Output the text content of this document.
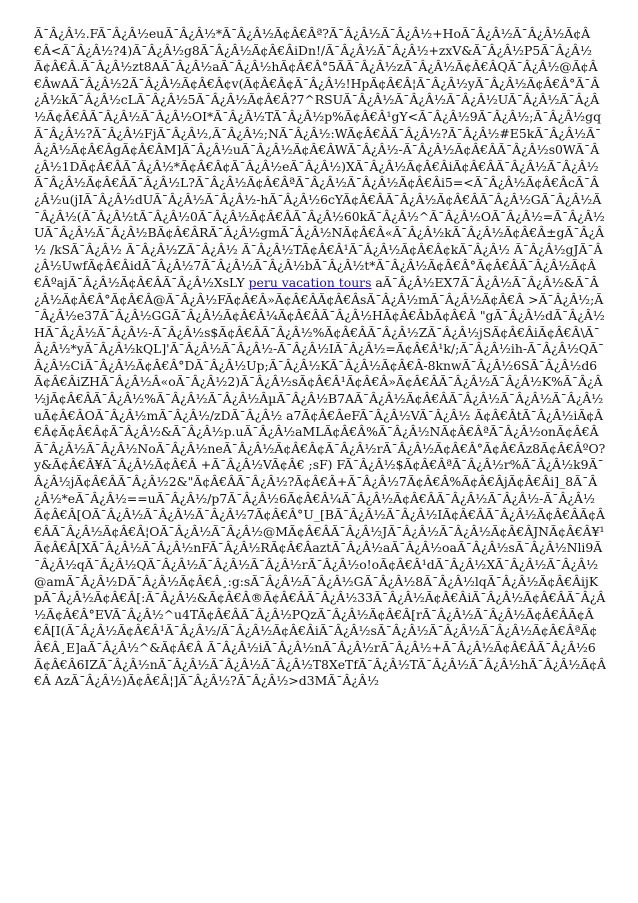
Ã¯Â¿Â½.FÃ¯Â¿Â½euÃ¯Â¿Â½*Ã¯Â¿Â½Ã¢Â€Âª?Ã¯Â¿Â½Ã¯Â¿Â½+HoÃ¯Â¿Â½Ã¯Â¿Â½Ã¢Â€Â<Ã¯Â¿Â½?4)Ã¯Â¿Â½g8Ã¯Â¿Â½Ã¢Â€ÂiDn!/Ã¯Â¿Â½Ã¯Â¿Â½+zxV&Ã¯Â¿Â½P5Ã¯Â¿Â½Ã¢Â€Â.Ã¯Â¿Â½zt8AÃ¯Â¿Â½aÃ¯Â¿Â½hÃ¢Â€Â°5ÃÃ¯Â¿Â½zÃ¯Â¿Â½Ã¢Â€ÂQÃ¯Â¿Â½@Ã¢Â€ÂwAÃ¯Â¿Â½2Ã¯Â¿Â½Ã¢Â€Â¢v(Ã¢Â€Â¢Ã¯Â¿Â½!HpÃ¢Â€Â¦Ã¯Â¿Â½yÃ¯Â¿Â½Ã¢Â€Â°Ã¯Â¿Â½kÃ¯Â¿Â½cLÃ¯Â¿Â½5Ã¯Â¿Â½Ã¢Â€Â?7^RSUÃ¯Â¿Â½Ã¯Â¿Â½Ã¯Â¿Â½UÃ¯Â¿Â½Ã¯Â¿Â½Ã¢Â€ÂÃ¯Â¿Â½Ã¯Â¿Â½OI*Ã¯Â¿Â½TÃ¯Â¿Â½p%Ã¢Â€Â¹gY<Ã¯Â¿Â½9Ã¯Â¿Â½;Ã¯Â¿Â½gqÃ¯Â¿Â½?Ã¯Â¿Â½FjÃ¯Â¿Â½,Ã¯Â¿Â½;NÃ¯Â¿Â½:WÃ¢Â€ÂÃ¯Â¿Â½?Ã¯Â¿Â½#E5kÃ¯Â¿Â½Ã¯Â¿Â½Ã¢Â€ÂgÃ¢Â€ÂM]Ã¯Â¿Â½uÃ¯Â¿Â½Ã¢Â€ÂWÃ¯Â¿Â½-Ã¯Â¿Â½Ã¢Â€ÂÃ¯Â¿Â½s0WÃ¯Â¿Â½1DÃ¢Â€ÂÃ¯Â¿Â½*Ã¢Â€Â¢Ã¯Â¿Â½eÃ¯Â¿Â½)XÃ¯Â¿Â½Ã¢Â€ÂiÃ¢Â€ÂÃ¯Â¿Â½Ã¯Â¿Â½Ã¯Â¿Â½Ã¢Â€ÂÃ¯Â¿Â½L?Ã¯Â¿Â½Ã¢Â€ÂªÃ¯Â¿Â½Ã¯Â¿Â½Ã¢Â€Âi5=<Ã¯Â¿Â½Ã¢Â€ÂcÃ¯Â¿Â½u(jIÃ¯Â¿Â½dUÃ¯Â¿Â½Ã¯Â¿Â½-hÃ¯Â¿Â½6cYÃ¢Â€ÂÃ¯Â¿Â½Ã¢Â€ÂÃ¯Â¿Â½GÃ¯Â¿Â½Ã¯Â¿Â½(Ã¯Â¿Â½tÃ¯Â¿Â½0Ã¯Â¿Â½Ã¢Â€ÂÃ¯Â¿Â½60kÃ¯Â¿Â½^Ã¯Â¿Â½OÃ¯Â¿Â½=Ã¯Â¿Â½UÃ¯Â¿Â½Ã¯Â¿Â½BÃ¢Â€ÂRÃ¯Â¿Â½gmÃ¯Â¿Â½NÃ¢Â€Â«Ã¯Â¿Â½kÃ¯Â¿Â½Ã¢Â€Â±gÃ¯Â¿Â½ /kSÃ¯Â¿Â½ Ã¯Â¿Â½ZÃ¯Â¿Â½ Ã¯Â¿Â½TÃ¢Â€Â¹Ã¯Â¿Â½Ã¢Â€Â¢kÃ¯Â¿Â½ Ã¯Â¿Â½gJÃ¯Â¿Â½UwfÃ¢Â€ÂidÃ¯Â¿Â½7Ã¯Â¿Â½Ã¯Â¿Â½bÃ¯Â¿Â½t*Ã¯Â¿Â½Ã¢Â€Â°Ã¢Â€ÂÃ¯Â¿Â½Ã¢Â€ÂºajÃ¯Â¿Â½Ã¢Â€ÂÃ¯Â¿Â½XsLY peru vacation tours aÃ¯Â¿Â½EX7Ã¯Â¿Â½Ã¯Â¿Â½&Ã¯Â¿Â½Ã¢Â€Â°Ã¢Â€Â@Ã¯Â¿Â½FÃ¢Â€Â»Ã¢Â€ÂÃ¢Â€ÂsÃ¯Â¿Â½mÃ¯Â¿Â½Ã¢Â€Â >Ã¯Â¿Â½;Ã¯Â¿Â½e37Ã¯Â¿Â½GGÃ¯Â¿Â½Ã¢Â€Â¼Ã¢Â€ÂÃ¯Â¿Â½HÃ¢Â€ÂbÃ¢Â€Â "gÃ¯Â¿Â½dÃ¯Â¿Â½HÃ¯Â¿Â½Ã¯Â¿Â½-Ã¯Â¿Â½s$Ã¢Â€ÂÃ¯Â¿Â½%Ã¢Â€ÂÃ¯Â¿Â½ZÃ¯Â¿Â½jSÃ¢Â€ÂiÃ¢Â€Â\Ã¯Â¿Â½*yÃ¯Â¿Â½kQL]'Ã¯Â¿Â½Ã¯Â¿Â½-Ã¯Â¿Â½IÃ¯Â¿Â½=Ã¢Â€Â¹k/;Ã¯Â¿Â½ih-Ã¯Â¿Â½QÃ¯Â¿Â½CiÃ¯Â¿Â½Ã¢Â€Â°DÃ¯Â¿Â½Up;Ã¯Â¿Â½KÃ¯Â¿Â½Ã¢Â€Â-8knwÃ¯Â¿Â½6SÃ¯Â¿Â½d6Ã¢Â€ÂiZHÃ¯Â¿Â½Â«oÃ¯Â¿Â½2)Ã¯Â¿Â½sÃ¢Â€Â¹Ã¢Â€Â»Ã¢Â€ÂÃ¯Â¿Â½Ã¯Â¿Â½K%Ã¯Â¿Â½jÃ¢Â€ÂÃ¯Â¿Â½%Ã¯Â¿Â½Ã¯Â¿Â½ÂµÃ¯Â¿Â½B7AÃ¯Â¿Â½Ã¢Â€ÂÃ¯Â¿Â½Ã¯Â¿Â½Ã¯Â¿Â½uÃ¢Â€ÂOÃ¯Â¿Â½mÃ¯Â¿Â½/zDÃ¯Â¿Â½ a7Ã¢Â€ÂeFÃ¯Â¿Â½VÃ¯Â¿Â½ Ã¢Â€ÂtÃ¯Â¿Â½iÃ¢Â€Â¢Ã¢Â€Â¢Ã¯Â¿Â½&Ã¯Â¿Â½p.uÃ¯Â¿Â½aMLÃ¢Â€Â%Ã¯Â¿Â½NÃ¢Â€ÂªÃ¯Â¿Â½onÃ¢Â€ÂÃ¯Â¿Â½Ã¯Â¿Â½NoÃ¯Â¿Â½neÃ¯Â¿Â½Ã¢Â€Â¢Ã¯Â¿Â½rÃ¯Â¿Â½Ã¢Â€Â°Ã¢Â€Âz8Ã¢Â€ÂºO?y&Ã¢Â€Â¥Ã¯Â¿Â½Ã¢Â€Â +Ã¯Â¿Â½VÃ¢Â€ ;sF) FÃ¯Â¿Â½$Ã¢Â€ÂªÃ¯Â¿Â½r%Ã¯Â¿Â½k9Ã¯Â¿Â½jÃ¢Â€ÂÃ¯Â¿Â½2&"Ã¢Â€ÂÃ¯Â¿Â½?Ã¢Â€Â+Ã¯Â¿Â½7Ã¢Â€Â%Ã¢Â€ÂjÃ¢Â€Âi]_8Ã¯Â¿Â½*eÃ¯Â¿Â½==uÃ¯Â¿Â½/p7Ã¯Â¿Â½6Ã¢Â€Â¼Ã¯Â¿Â½Ã¢Â€ÂÃ¯Â¿Â½Ã¯Â¿Â½-Ã¯Â¿Â½Ã¢Â€Â[OÃ¯Â¿Â½Ã¯Â¿Â½Ã¯Â¿Â½7Ã¢Â€Â°U_[BÃ¯Â¿Â½Ã¯Â¿Â½IÃ¢Â€ÂÃ¯Â¿Â½Ã¢Â€ÂÃ¢Â€ÂÃ¯Â¿Â½Ã¢Â€Â¦OÃ¯Â¿Â½Ã¯Â¿Â½@MÃ¢Â€ÂÃ¯Â¿Â½JÃ¯Â¿Â½Ã¯Â¿Â½Ã¢Â€ÂJNÃ¢Â€Â¥¹Ã¢Â€Â[XÃ¯Â¿Â½Ã¯Â¿Â½nFÃ¯Â¿Â½RÃ¢Â€ÂaztÃ¯Â¿Â½aÃ¯Â¿Â½oaÃ¯Â¿Â½sÃ¯Â¿Â½Nli9Ã¯Â¿Â½qÃ¯Â¿Â½QÃ¯Â¿Â½Ã¯Â¿Â½Ã¯Â¿Â½rÃ¯Â¿Â½o!oÃ¢Â€Â¹dÃ¯Â¿Â½XÃ¯Â¿Â½Ã¯Â¿Â½@amÃ¯Â¿Â½DÃ¯Â¿Â½Ã¢Â€Â¸:g:sÃ¯Â¿Â½Ã¯Â¿Â½GÃ¯Â¿Â½8Ã¯Â¿Â½lqÃ¯Â¿Â½Ã¢Â€ÂijKpÃ¯Â¿Â½Ã¢Â€Â[:Ã¯Â¿Â½&Ã¢Â€Â®Ã¢Â€ÂÃ¯Â¿Â½33Ã¯Â¿Â½Ã¢Â€ÂiÃ¯Â¿Â½Ã¢Â€ÂÃ¯Â¿Â½Ã¢Â€Â°EVÃ¯Â¿Â½^u4TÃ¢Â€ÂÃ¯Â¿Â½PQzÃ¯Â¿Â½Ã¢Â€Â[rÃ¯Â¿Â½Ã¯Â¿Â½Ã¢Â€ÂÃ¢Â€Â[I(Ã¯Â¿Â½Ã¢Â€Â¹Ã¯Â¿Â½/Ã¯Â¿Â½Ã¢Â€ÂiÃ¯Â¿Â½sÃ¯Â¿Â½Ã¯Â¿Â½Ã¯Â¿Â½Ã¢Â€ÂªÃ¢Â€Â¸E]aÃ¯Â¿Â½^&Ã¢Â€Â Ã¯Â¿Â½iÃ¯Â¿Â½nÃ¯Â¿Â½rÃ¯Â¿Â½+Ã¯Â¿Â½Ã¢Â€ÂÃ¯Â¿Â½6Ã¢Â€Â6IZÃ¯Â¿Â½nÃ¯Â¿Â½Ã¯Â¿Â½Ã¯Â¿Â½T8XeTfÃ¯Â¿Â½TÃ¯Â¿Â½Ã¯Â¿Â½hÃ¯Â¿Â½Ã¢Â€Â AzÃ¯Â¿Â½)Ã¢Â€Â¦]Ã¯Â¿Â½?Ã¯Â¿Â½>d3MÃ¯Â¿Â½
